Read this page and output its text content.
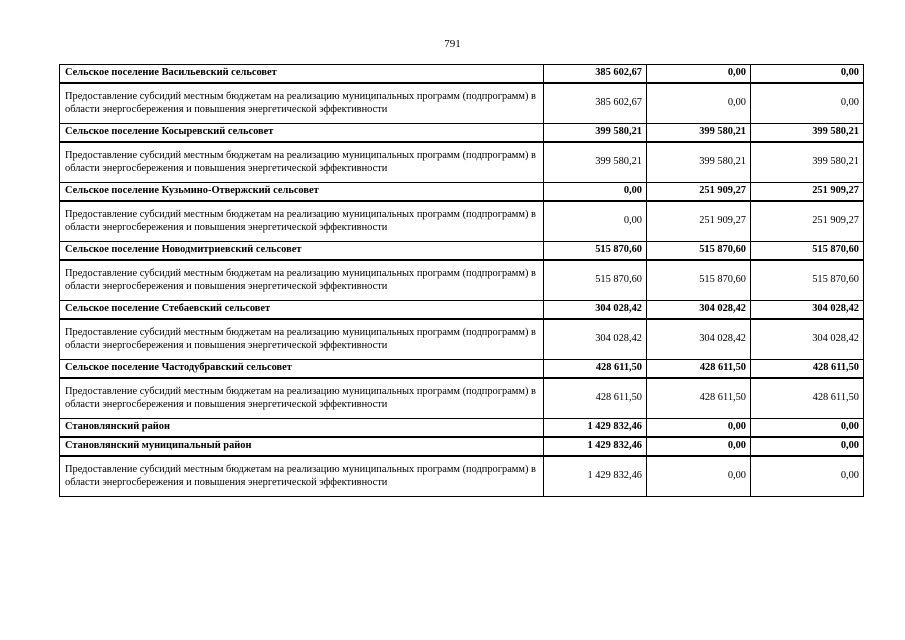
791
Сельское поселение Васильевский сельсовет	385 602,67	0,00	0,00
Предоставление субсидий местным бюджетам на реализацию муниципальных программ (подпрограмм) в области энергосбережения и повышения энергетической эффективности	385 602,67	0,00	0,00
Сельское поселение Косыревский сельсовет	399 580,21	399 580,21	399 580,21
Предоставление субсидий местным бюджетам на реализацию муниципальных программ (подпрограмм) в области энергосбережения и повышения энергетической эффективности	399 580,21	399 580,21	399 580,21
Сельское поселение Кузьмино-Отвержский сельсовет	0,00	251 909,27	251 909,27
Предоставление субсидий местным бюджетам на реализацию муниципальных программ (подпрограмм) в области энергосбережения и повышения энергетической эффективности	0,00	251 909,27	251 909,27
Сельское поселение Новодмитриевский сельсовет	515 870,60	515 870,60	515 870,60
Предоставление субсидий местным бюджетам на реализацию муниципальных программ (подпрограмм) в области энергосбережения и повышения энергетической эффективности	515 870,60	515 870,60	515 870,60
Сельское поселение Стебаевский сельсовет	304 028,42	304 028,42	304 028,42
Предоставление субсидий местным бюджетам на реализацию муниципальных программ (подпрограмм) в области энергосбережения и повышения энергетической эффективности	304 028,42	304 028,42	304 028,42
Сельское поселение Частодубравский сельсовет	428 611,50	428 611,50	428 611,50
Предоставление субсидий местным бюджетам на реализацию муниципальных программ (подпрограмм) в области энергосбережения и повышения энергетической эффективности	428 611,50	428 611,50	428 611,50
Становлянский район	1 429 832,46	0,00	0,00
Становлянский муниципальный район	1 429 832,46	0,00	0,00
Предоставление субсидий местным бюджетам на реализацию муниципальных программ (подпрограмм) в области энергосбережения и повышения энергетической эффективности	1 429 832,46	0,00	0,00
